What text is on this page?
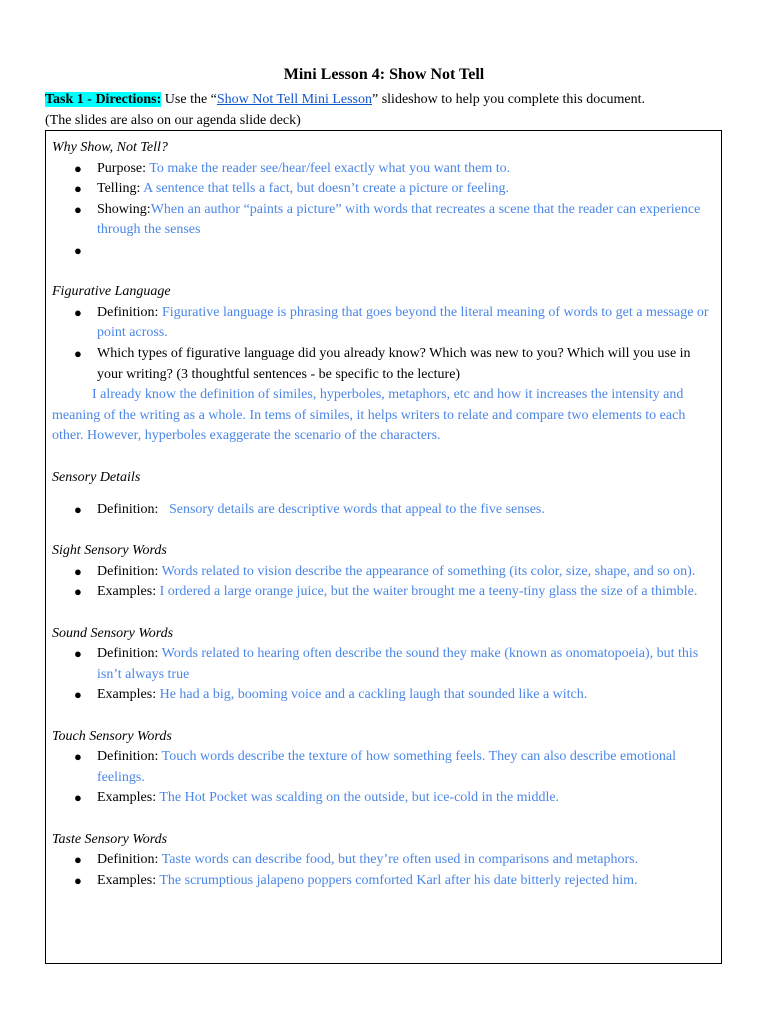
Mini Lesson 4: Show Not Tell
Task 1 - Directions: Use the “Show Not Tell Mini Lesson” slideshow to help you complete this document.
(The slides are also on our agenda slide deck)

Why Show, Not Tell?

● Purpose: To make the reader see/hear/feel exactly what you want them to.
● Telling: A sentence that tells a fact, but doesn’t create a picture or feeling.
● Showing:When an author “paints a picture” with words that recreates a scene that the reader can experience through the senses
●

Figurative Language

● Definition: Figurative language is phrasing that goes beyond the literal meaning of words to get a message or point across.
● Which types of figurative language did you already know? Which was new to you? Which will you use in your writing? (3 thoughtful sentences - be specific to the lecture)

I already know the definition of similes, hyperboles, metaphors, etc and how it increases the intensity and meaning of the writing as a whole. In tems of similes, it helps writers to relate and compare two elements to each other. However, hyperboles exaggerate the scenario of the characters.

Sensory Details

● Definition:   Sensory details are descriptive words that appeal to the five senses.

Sight Sensory Words

● Definition: Words related to vision describe the appearance of something (its color, size, shape, and so on).
● Examples: I ordered a large orange juice, but the waiter brought me a teeny-tiny glass the size of a thimble.

Sound Sensory Words

● Definition: Words related to hearing often describe the sound they make (known as onomatopoeia), but this isn’t always true
● Examples: He had a big, booming voice and a cackling laugh that sounded like a witch.

Touch Sensory Words

● Definition: Touch words describe the texture of how something feels. They can also describe emotional feelings.
● Examples: The Hot Pocket was scalding on the outside, but ice-cold in the middle.

Taste Sensory Words

● Definition: Taste words can describe food, but they’re often used in comparisons and metaphors.
● Examples: The scrumptious jalapeno poppers comforted Karl after his date bitterly rejected him.
